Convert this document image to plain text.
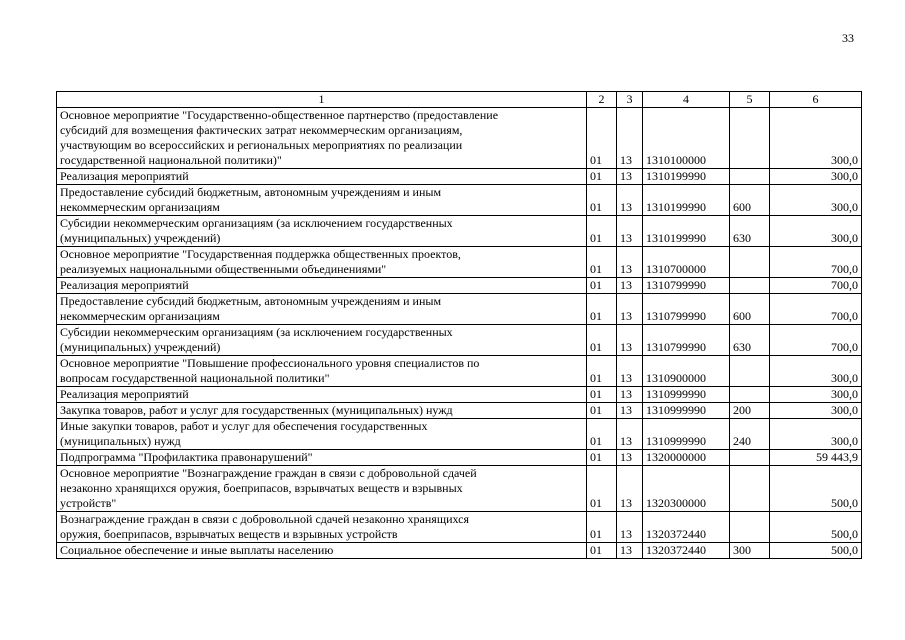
33
1	2	3	4	5	6

Основное мероприятие "Государственно-общественное партнерство (предоставление
субсидий для возмещения фактических затрат некоммерческим организациям,
участвующим во всероссийских и региональных мероприятиях по реализации
государственной национальной политики)"	01	13	1310100000		300,0

Реализация мероприятий	01	13	1310199990		300,0

Предоставление субсидий бюджетным, автономным учреждениям и иным
некоммерческим организациям	01	13	1310199990	600	300,0

Субсидии некоммерческим организациям (за исключением государственных
(муниципальных) учреждений)	01	13	1310199990	630	300,0

Основное мероприятие "Государственная поддержка общественных проектов,
реализуемых национальными общественными объединениями"	01	13	1310700000		700,0

Реализация мероприятий	01	13	1310799990		700,0

Предоставление субсидий бюджетным, автономным учреждениям и иным
некоммерческим организациям	01	13	1310799990	600	700,0

Субсидии некоммерческим организациям (за исключением государственных
(муниципальных) учреждений)	01	13	1310799990	630	700,0

Основное мероприятие "Повышение профессионального уровня специалистов по
вопросам государственной национальной политики"	01	13	1310900000		300,0

Реализация мероприятий	01	13	1310999990		300,0

Закупка товаров, работ и услуг для государственных (муниципальных) нужд	01	13	1310999990	200	300,0

Иные закупки товаров, работ и услуг для обеспечения государственных
(муниципальных) нужд	01	13	1310999990	240	300,0

Подпрограмма "Профилактика правонарушений"	01	13	1320000000		59 443,9

Основное мероприятие "Вознаграждение граждан в связи с добровольной сдачей
незаконно хранящихся оружия, боеприпасов, взрывчатых веществ и взрывных
устройств"	01	13	1320300000		500,0

Вознаграждение граждан в связи с добровольной сдачей незаконно хранящихся
оружия, боеприпасов, взрывчатых веществ и взрывных устройств	01	13	1320372440		500,0

Социальное обеспечение и иные выплаты населению	01	13	1320372440	300	500,0
